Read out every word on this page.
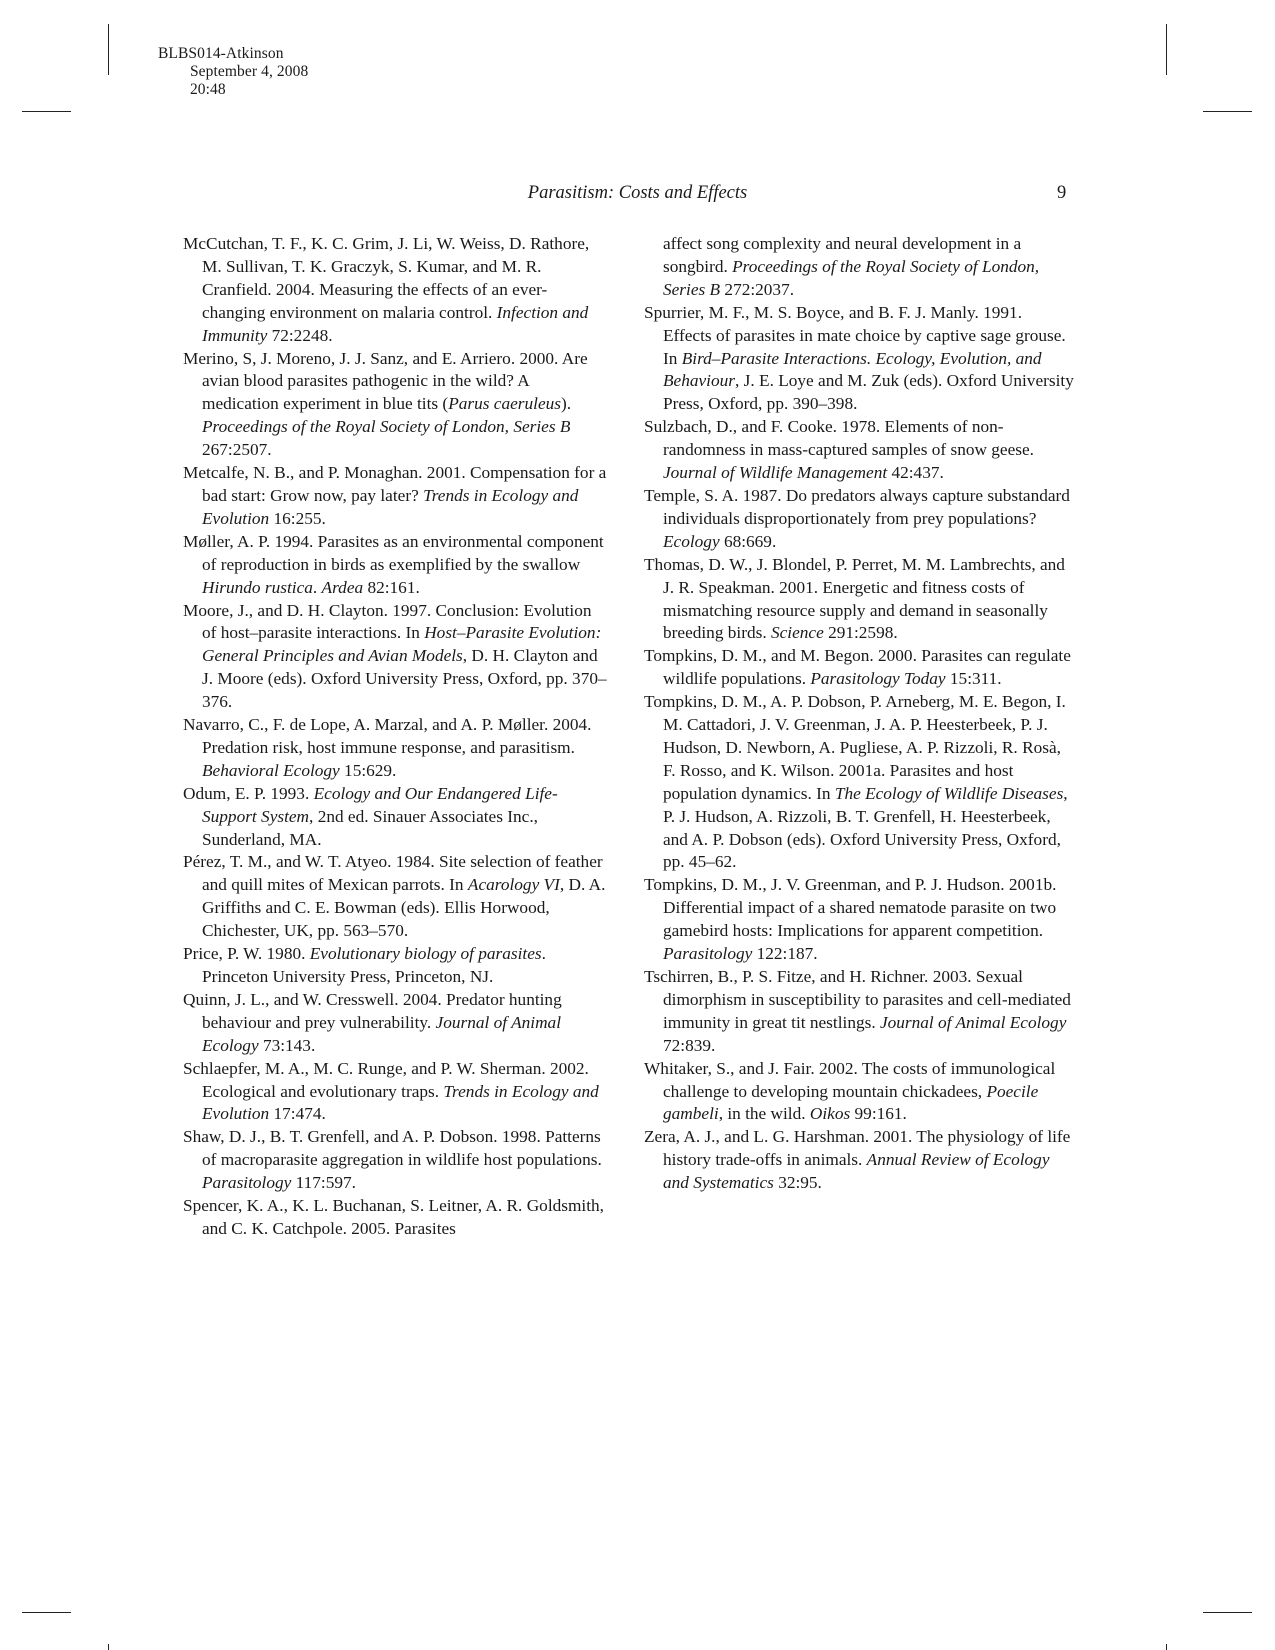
BLBS014-Atkinson
September 4, 2008
20:48

Parasitism: Costs and Effects	9

McCutchan, T. F., K. C. Grim, J. Li, W. Weiss, D. Rathore, M. Sullivan, T. K. Graczyk, S. Kumar, and M. R. Cranfield. 2004. Measuring the effects of an ever-changing environment on malaria control. Infection and Immunity 72:2248.

Merino, S, J. Moreno, J. J. Sanz, and E. Arriero. 2000. Are avian blood parasites pathogenic in the wild? A medication experiment in blue tits (Parus caeruleus). Proceedings of the Royal Society of London, Series B 267:2507.

Metcalfe, N. B., and P. Monaghan. 2001. Compensation for a bad start: Grow now, pay later? Trends in Ecology and Evolution 16:255.

Møller, A. P. 1994. Parasites as an environmental component of reproduction in birds as exemplified by the swallow Hirundo rustica. Ardea 82:161.

Moore, J., and D. H. Clayton. 1997. Conclusion: Evolution of host–parasite interactions. In Host–Parasite Evolution: General Principles and Avian Models, D. H. Clayton and J. Moore (eds). Oxford University Press, Oxford, pp. 370–376.

Navarro, C., F. de Lope, A. Marzal, and A. P. Møller. 2004. Predation risk, host immune response, and parasitism. Behavioral Ecology 15:629.

Odum, E. P. 1993. Ecology and Our Endangered Life-Support System, 2nd ed. Sinauer Associates Inc., Sunderland, MA.

Pérez, T. M., and W. T. Atyeo. 1984. Site selection of feather and quill mites of Mexican parrots. In Acarology VI, D. A. Griffiths and C. E. Bowman (eds). Ellis Horwood, Chichester, UK, pp. 563–570.

Price, P. W. 1980. Evolutionary biology of parasites. Princeton University Press, Princeton, NJ.

Quinn, J. L., and W. Cresswell. 2004. Predator hunting behaviour and prey vulnerability. Journal of Animal Ecology 73:143.

Schlaepfer, M. A., M. C. Runge, and P. W. Sherman. 2002. Ecological and evolutionary traps. Trends in Ecology and Evolution 17:474.

Shaw, D. J., B. T. Grenfell, and A. P. Dobson. 1998. Patterns of macroparasite aggregation in wildlife host populations. Parasitology 117:597.

Spencer, K. A., K. L. Buchanan, S. Leitner, A. R. Goldsmith, and C. K. Catchpole. 2005. Parasites

affect song complexity and neural development in a songbird. Proceedings of the Royal Society of London, Series B 272:2037.

Spurrier, M. F., M. S. Boyce, and B. F. J. Manly. 1991. Effects of parasites in mate choice by captive sage grouse. In Bird–Parasite Interactions. Ecology, Evolution, and Behaviour, J. E. Loye and M. Zuk (eds). Oxford University Press, Oxford, pp. 390–398.

Sulzbach, D., and F. Cooke. 1978. Elements of non-randomness in mass-captured samples of snow geese. Journal of Wildlife Management 42:437.

Temple, S. A. 1987. Do predators always capture substandard individuals disproportionately from prey populations? Ecology 68:669.

Thomas, D. W., J. Blondel, P. Perret, M. M. Lambrechts, and J. R. Speakman. 2001. Energetic and fitness costs of mismatching resource supply and demand in seasonally breeding birds. Science 291:2598.

Tompkins, D. M., and M. Begon. 2000. Parasites can regulate wildlife populations. Parasitology Today 15:311.

Tompkins, D. M., A. P. Dobson, P. Arneberg, M. E. Begon, I. M. Cattadori, J. V. Greenman, J. A. P. Heesterbeek, P. J. Hudson, D. Newborn, A. Pugliese, A. P. Rizzoli, R. Rosà, F. Rosso, and K. Wilson. 2001a. Parasites and host population dynamics. In The Ecology of Wildlife Diseases, P. J. Hudson, A. Rizzoli, B. T. Grenfell, H. Heesterbeek, and A. P. Dobson (eds). Oxford University Press, Oxford, pp. 45–62.

Tompkins, D. M., J. V. Greenman, and P. J. Hudson. 2001b. Differential impact of a shared nematode parasite on two gamebird hosts: Implications for apparent competition. Parasitology 122:187.

Tschirren, B., P. S. Fitze, and H. Richner. 2003. Sexual dimorphism in susceptibility to parasites and cell-mediated immunity in great tit nestlings. Journal of Animal Ecology 72:839.

Whitaker, S., and J. Fair. 2002. The costs of immunological challenge to developing mountain chickadees, Poecile gambeli, in the wild. Oikos 99:161.

Zera, A. J., and L. G. Harshman. 2001. The physiology of life history trade-offs in animals. Annual Review of Ecology and Systematics 32:95.
